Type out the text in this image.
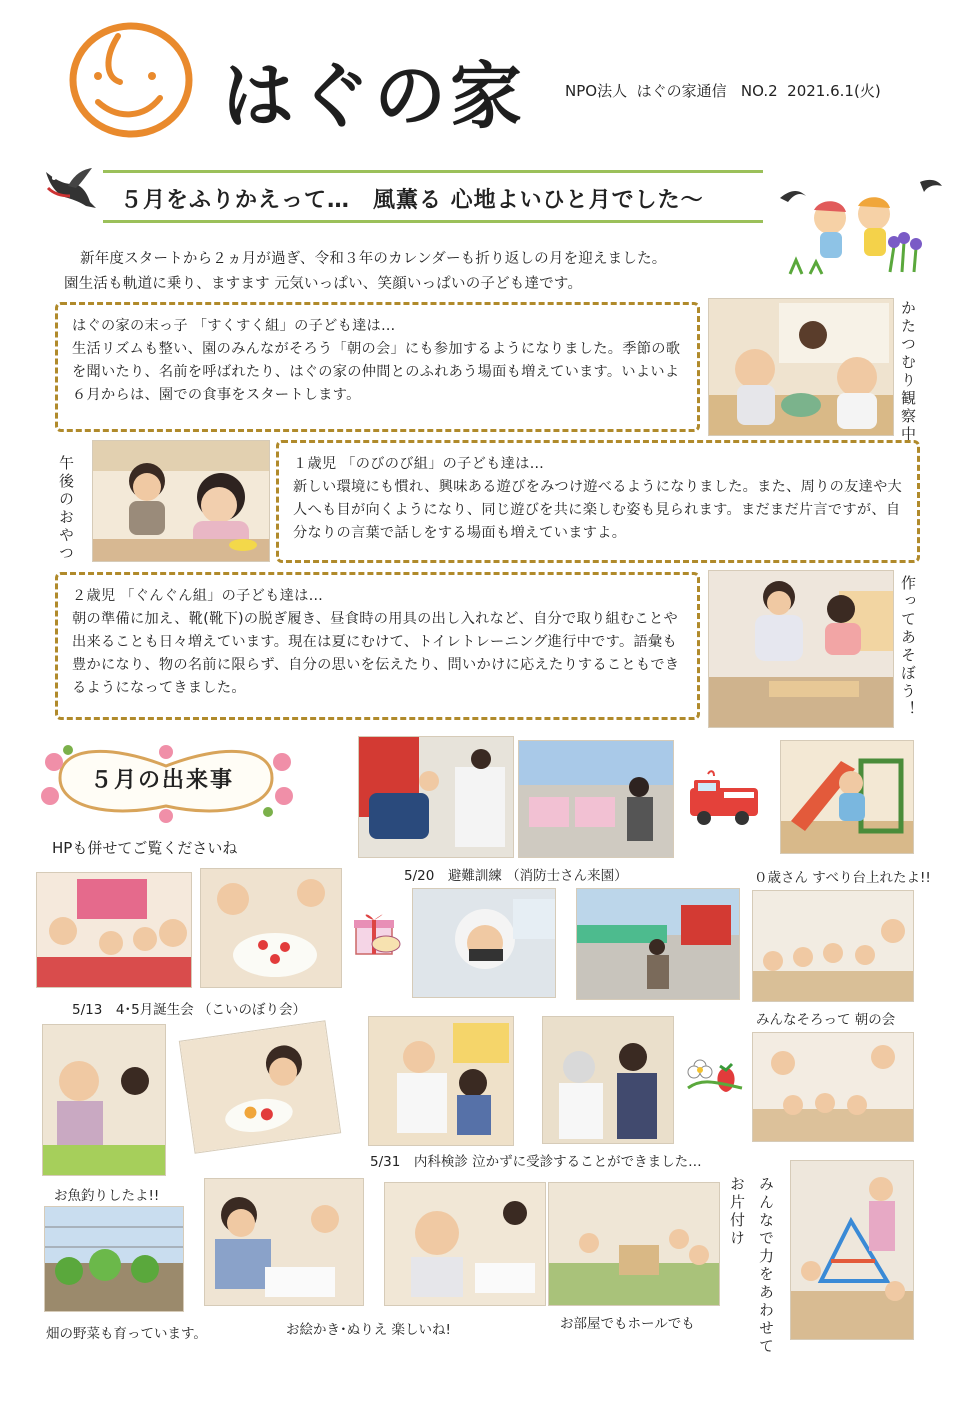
はぐの家	NPO法人  はぐの家通信   NO.2  2021.6.1(火)
５月をふりかえって…　風薫る 心地よいひと月でした～
新年度スタートから２ヵ月が過ぎ、令和３年のカレンダーも折り返しの月を迎えました。
園生活も軌道に乗り、ますます 元気いっぱい、笑顔いっぱいの子ども達です。
はぐの家の末っ子 「すくすく組」の子ども達は…
生活リズムも整い、園のみんながそろう「朝の会」にも参加するようになりました。季節の歌を聞いたり、名前を呼ばれたり、はぐの家の仲間とのふれあう場面も増えています。いよいよ６月からは、園での食事をスタートします。	かたつむり観察中
午後のおやつ	１歳児 「のびのび組」の子ども達は…
新しい環境にも慣れ、興味ある遊びをみつけ遊べるようになりました。また、周りの友達や大人へも目が向くようになり、同じ遊びを共に楽しむ姿も見られます。まだまだ片言ですが、自分なりの言葉で話しをする場面も増えていますよ。
２歳児 「ぐんぐん組」の子ども達は…
朝の準備に加え、靴(靴下)の脱ぎ履き、昼食時の用具の出し入れなど、自分で取り組むことや出来ることも日々増えています。現在は夏にむけて、トイレトレーニング進行中です。語彙も豊かになり、物の名前に限らず、自分の思いを伝えたり、問いかけに応えたりすることもできるようになってきました。	作ってあそぼう！
５月の出来事
HPも併せてご覧くださいね
5/20　避難訓練 （消防士さん来園）	０歳さん すべり台上れたよ!!
5/13　4･5月誕生会 （こいのぼり会）
みんなそろって 朝の会
5/31　内科検診 泣かずに受診することができました…
お魚釣りしたよ!!	お片付け みんなで力をあわせて
畑の野菜も育っています。	お絵かき･ぬりえ 楽しいね!	お部屋でもホールでも
